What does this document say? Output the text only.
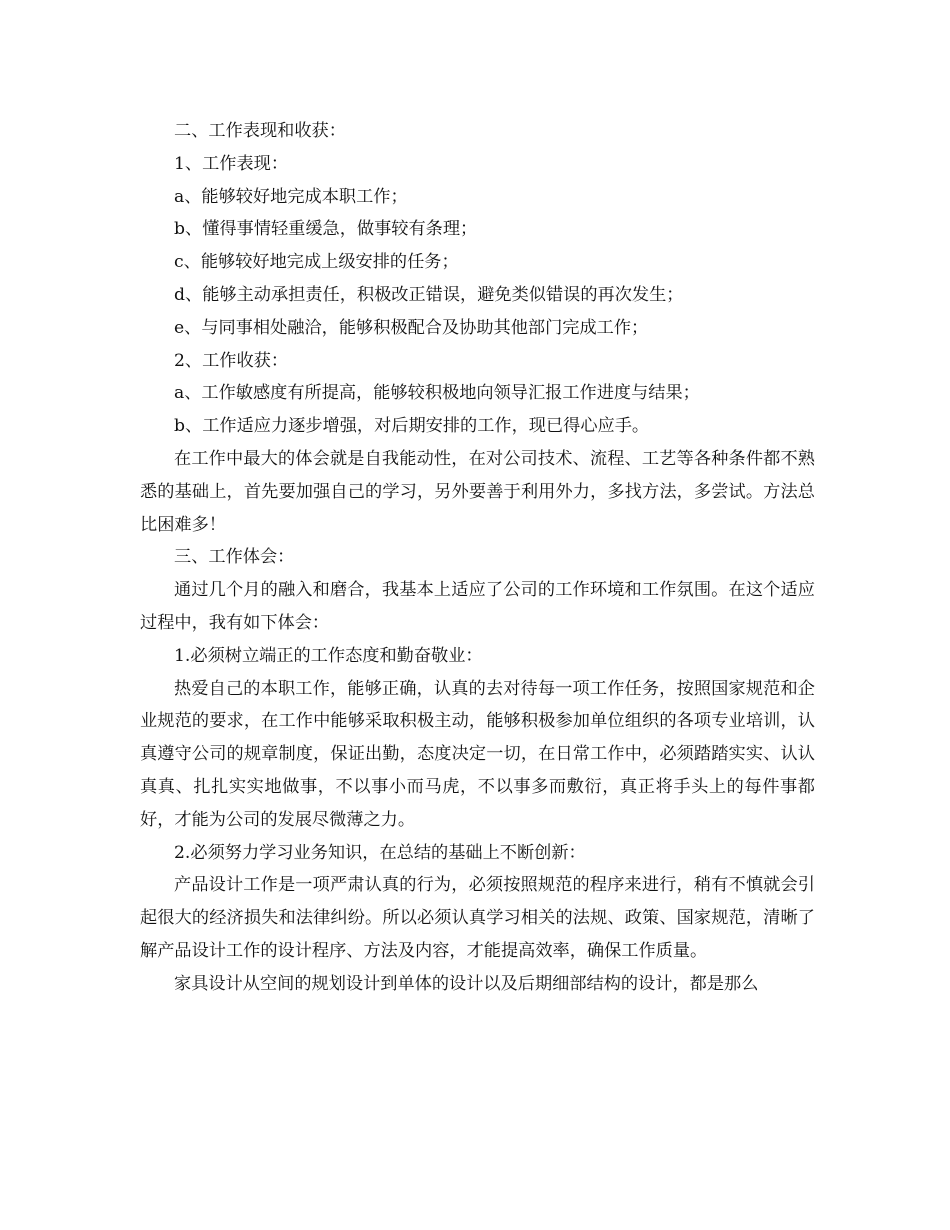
二、工作表现和收获：

1、工作表现：

a、能够较好地完成本职工作；

b、懂得事情轻重缓急，做事较有条理；

c、能够较好地完成上级安排的任务；

d、能够主动承担责任，积极改正错误，避免类似错误的再次发生；

e、与同事相处融洽，能够积极配合及协助其他部门完成工作；

2、工作收获：

a、工作敏感度有所提高，能够较积极地向领导汇报工作进度与结果；

b、工作适应力逐步增强，对后期安排的工作，现已得心应手。

在工作中最大的体会就是自我能动性，在对公司技术、流程、工艺等各种条件都不熟悉的基础上，首先要加强自己的学习，另外要善于利用外力，多找方法，多尝试。方法总比困难多！

三、工作体会：

通过几个月的融入和磨合，我基本上适应了公司的工作环境和工作氛围。在这个适应过程中，我有如下体会：

1.必须树立端正的工作态度和勤奋敬业：

热爱自己的本职工作，能够正确，认真的去对待每一项工作任务，按照国家规范和企业规范的要求，在工作中能够采取积极主动，能够积极参加单位组织的各项专业培训，认真遵守公司的规章制度，保证出勤，态度决定一切，在日常工作中，必须踏踏实实、认认真真、扎扎实实地做事，不以事小而马虎，不以事多而敷衍，真正将手头上的每件事都好，才能为公司的发展尽微薄之力。

2.必须努力学习业务知识，在总结的基础上不断创新：

产品设计工作是一项严肃认真的行为，必须按照规范的程序来进行，稍有不慎就会引起很大的经济损失和法律纠纷。所以必须认真学习相关的法规、政策、国家规范，清晰了解产品设计工作的设计程序、方法及内容，才能提高效率，确保工作质量。

家具设计从空间的规划设计到单体的设计以及后期细部结构的设计，都是那么
